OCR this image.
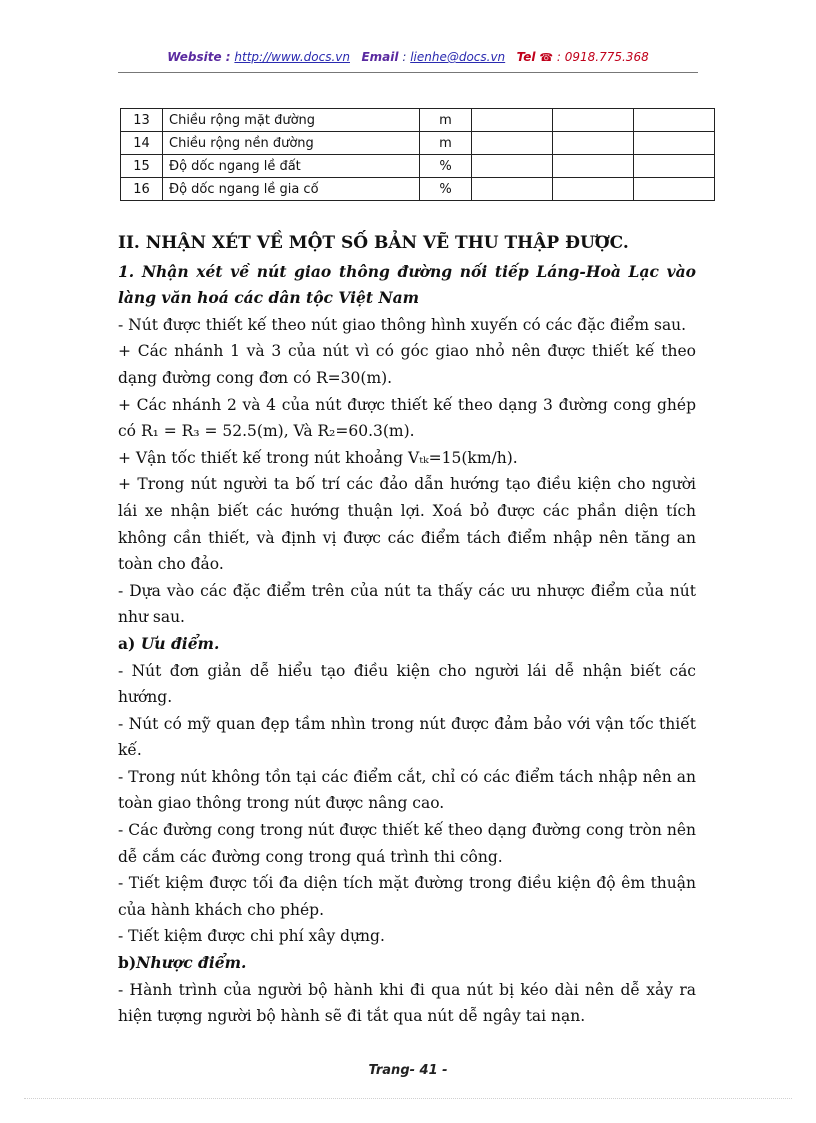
Website : http://www.docs.vn Email : lienhe@docs.vn Tel ☎ : 0918.775.368
13	Chiều rộng mặt đường	m			
14	Chiều rộng nền đường	m			
15	Độ dốc ngang lề đất	%			
16	Độ dốc ngang lề gia cố	%			

II. NHẬN XÉT VỀ MỘT SỐ BẢN VẼ THU THẬP ĐƯỢC.

1. Nhận xét về nút giao thông đường nối tiếp Láng-Hoà Lạc vào làng văn hoá các dân tộc Việt Nam

- Nút được thiết kế theo nút giao thông hình xuyến có các đặc điểm sau.

+ Các nhánh 1 và 3 của nút vì có góc giao nhỏ nên được thiết kế theo dạng đường cong đơn có R=30(m).

+ Các nhánh 2 và 4 của nút được thiết kế theo dạng 3 đường cong ghép có R₁ = R₃ = 52.5(m), Và R₂=60.3(m).

+ Vận tốc thiết kế trong nút khoảng Vₜₖ=15(km/h).

+ Trong nút người ta bố trí các đảo dẫn hướng tạo điều kiện cho người lái xe nhận biết các hướng thuận lợi. Xoá bỏ được các phần diện tích không cần thiết, và định vị được các điểm tách điểm nhập nên tăng an toàn cho đảo.

- Dựa vào các đặc điểm trên của nút ta thấy các ưu nhược điểm của nút như sau.

a) Ưu điểm.

- Nút đơn giản dễ hiểu tạo điều kiện cho người lái dễ nhận biết các hướng.

- Nút có mỹ quan đẹp tầm nhìn trong nút được đảm bảo với vận tốc thiết kế.

- Trong nút không tồn tại các điểm cắt, chỉ có các điểm tách nhập nên an toàn giao thông trong nút được nâng cao.

- Các đường cong trong nút được thiết kế theo dạng đường cong tròn nên dễ cắm các đường cong trong quá trình thi công.

- Tiết kiệm được tối đa diện tích mặt đường trong điều kiện độ êm thuận của hành khách cho phép.

- Tiết kiệm được chi phí xây dựng.

b)Nhược điểm.

- Hành trình của người bộ hành khi đi qua nút bị kéo dài nên dễ xảy ra hiện tượng người bộ hành sẽ đi tắt qua nút dễ ngây tai nạn.

Trang- 41 -
